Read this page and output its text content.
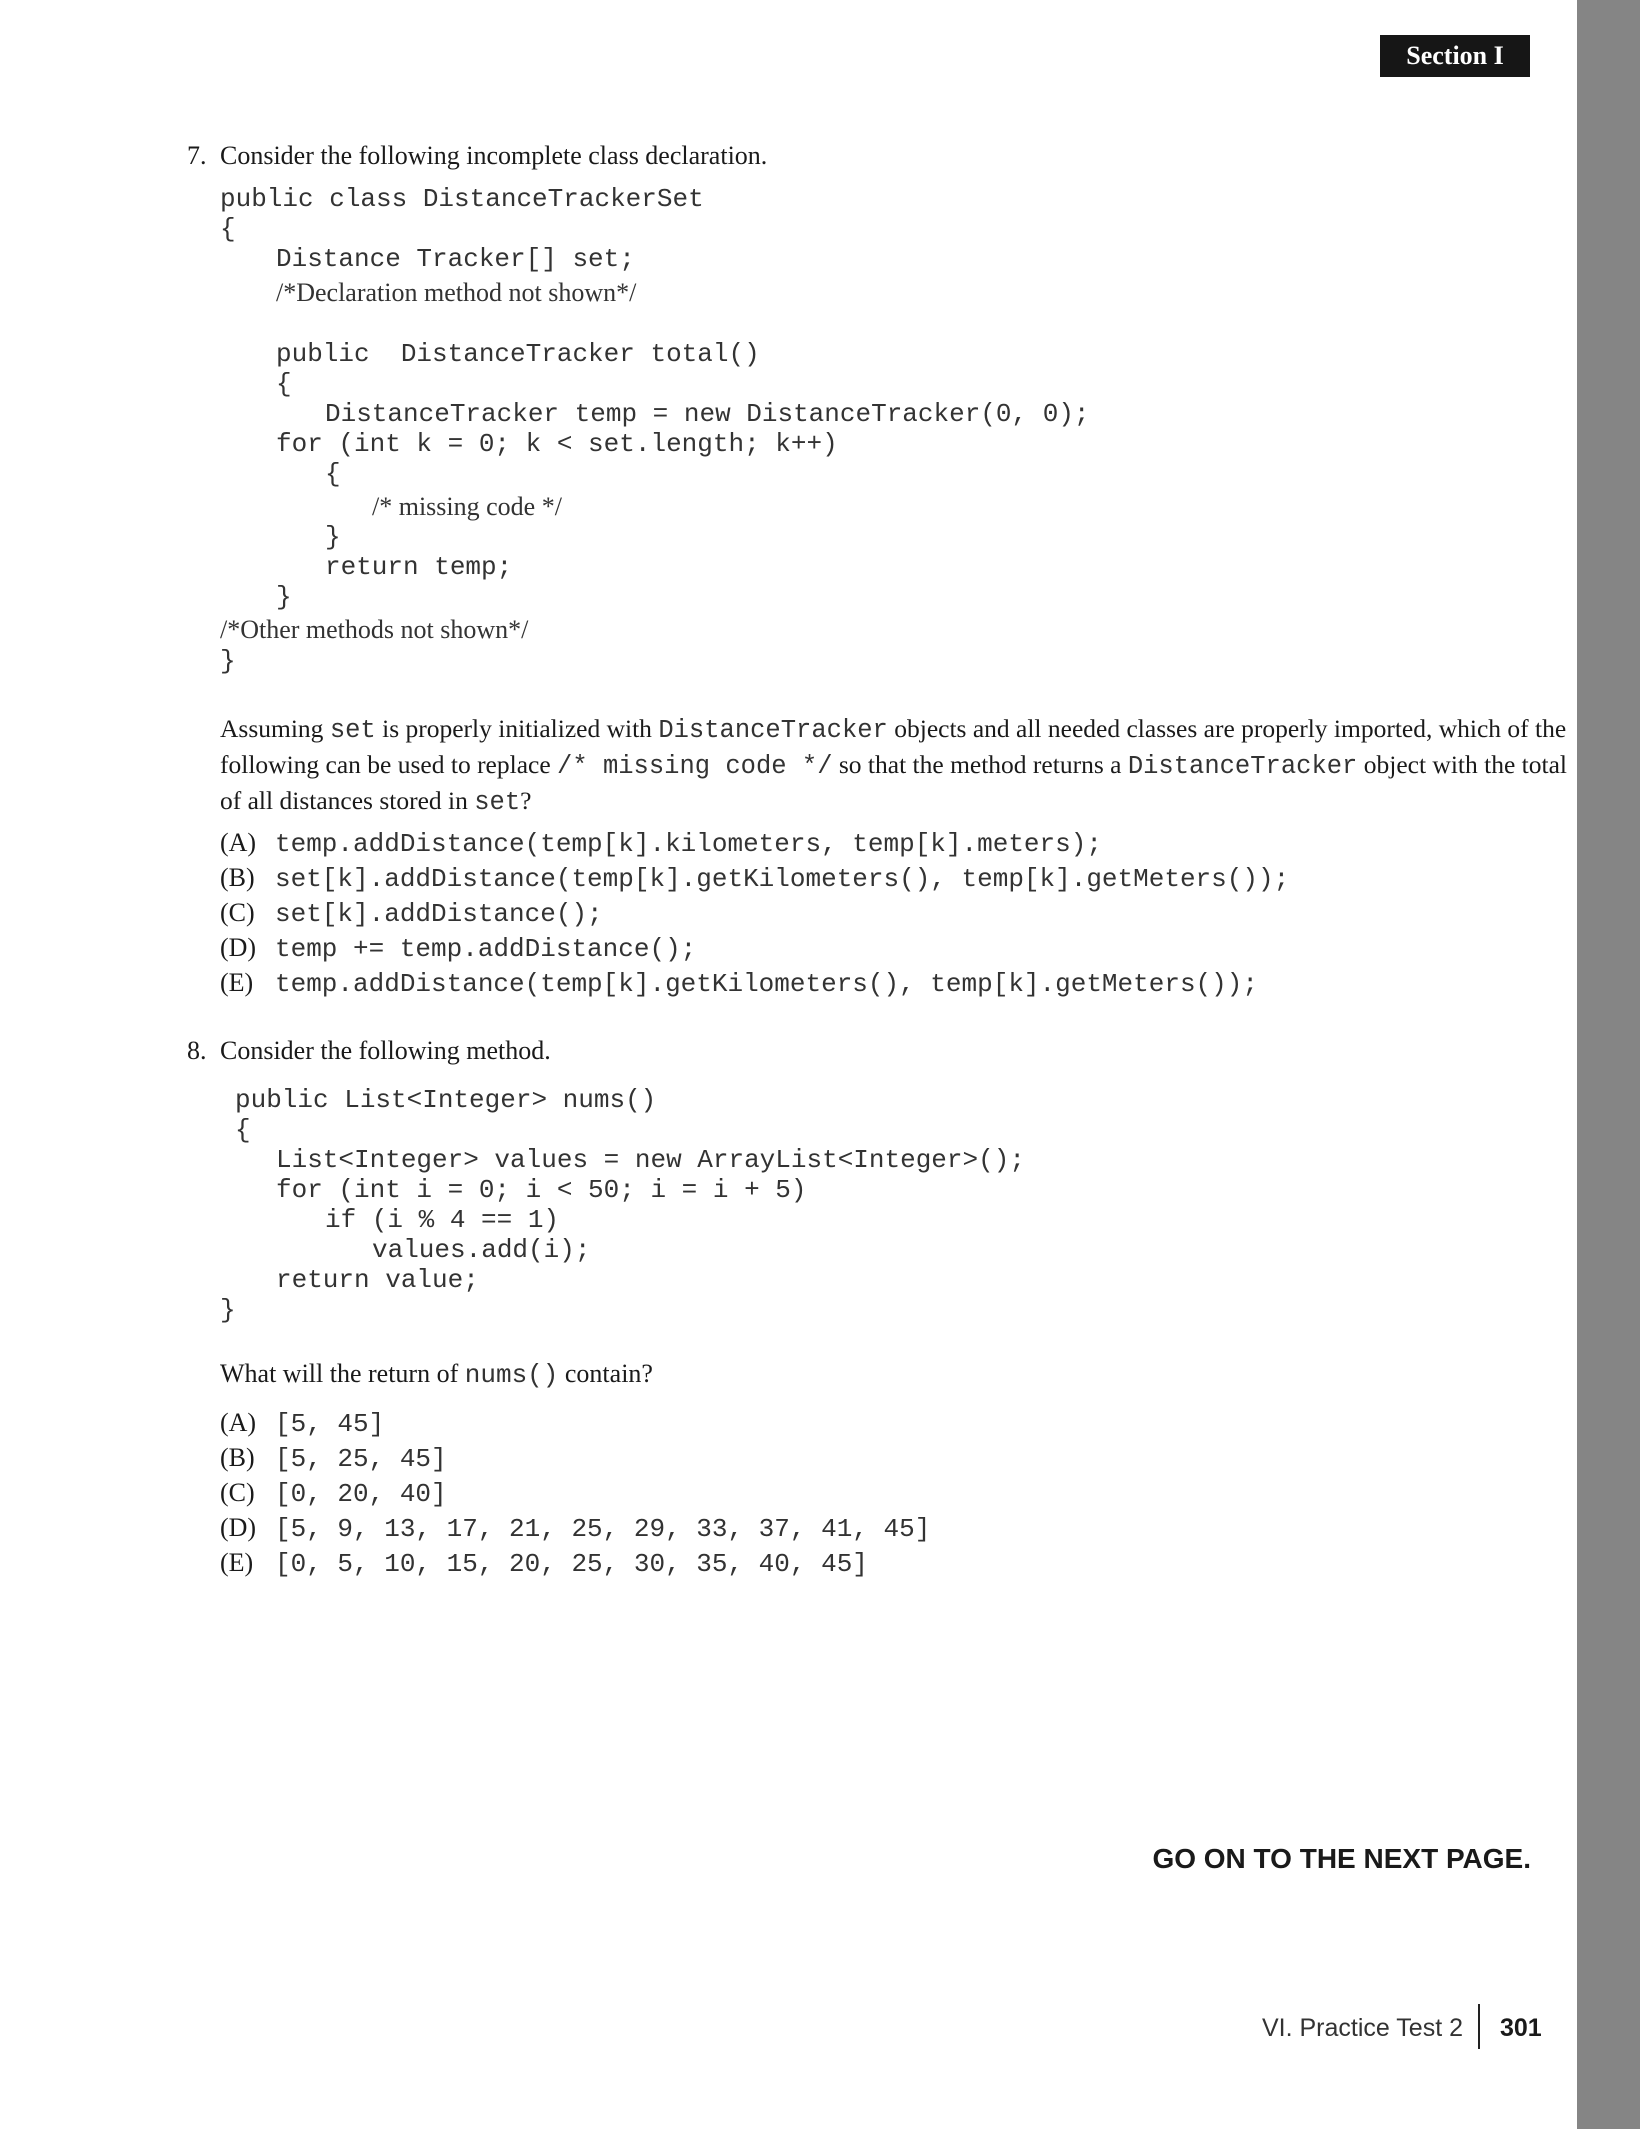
Section I
7. Consider the following incomplete class declaration.
public class DistanceTrackerSet
{
Distance Tracker[] set;
/*Declaration method not shown*/
public  DistanceTracker total()
{
DistanceTracker temp = new DistanceTracker(0, 0);
for (int k = 0; k < set.length; k++)
{
/* missing code */
}
return temp;
}
/*Other methods not shown*/
}
Assuming set is properly initialized with DistanceTracker objects and all needed classes are properly imported, which of the following can be used to replace /* missing code */ so that the method returns a DistanceTracker object with the total of all distances stored in set?
(A) temp.addDistance(temp[k].kilometers, temp[k].meters);
(B) set[k].addDistance(temp[k].getKilometers(), temp[k].getMeters());
(C) set[k].addDistance();
(D) temp += temp.addDistance();
(E) temp.addDistance(temp[k].getKilometers(), temp[k].getMeters());
8. Consider the following method.
public List<Integer> nums()
{
List<Integer> values = new ArrayList<Integer>();
for (int i = 0; i < 50; i = i + 5)
if (i % 4 == 1)
values.add(i);
return value;
}
What will the return of nums() contain?
(A) [5, 45]
(B) [5, 25, 45]
(C) [0, 20, 40]
(D) [5, 9, 13, 17, 21, 25, 29, 33, 37, 41, 45]
(E) [0, 5, 10, 15, 20, 25, 30, 35, 40, 45]
GO ON TO THE NEXT PAGE.
VI. Practice Test 2 301
